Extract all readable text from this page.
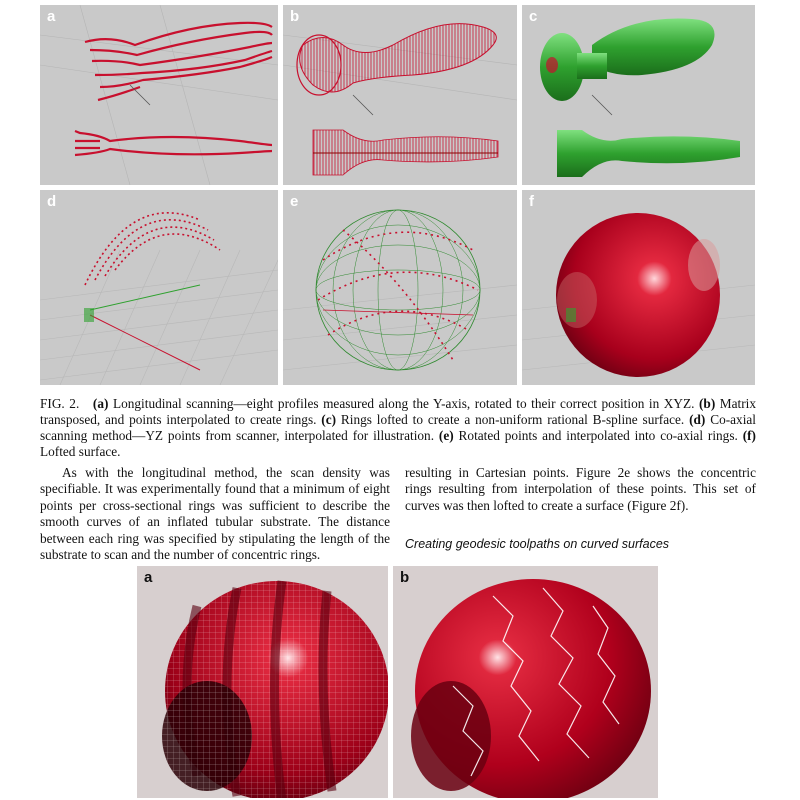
a	b	c
d	e	f
FIG. 2. (a) Longitudinal scanning—eight profiles measured along the Y-axis, rotated to their correct position in XYZ. (b) Matrix transposed, and points interpolated to create rings. (c) Rings lofted to create a non-uniform rational B-spline surface. (d) Co-axial scanning method—YZ points from scanner, interpolated for illustration. (e) Rotated points and interpolated into co-axial rings. (f) Lofted surface.
As with the longitudinal method, the scan density was specifiable. It was experimentally found that a minimum of eight points per cross-sectional rings was sufficient to describe the smooth curves of an inflated tubular substrate. The distance between each ring was specified by stipulating the length of the substrate to scan and the number of concentric rings.
resulting in Cartesian points. Figure 2e shows the concentric rings resulting from interpolation of these points. This set of curves was then lofted to create a surface (Figure 2f).
Creating geodesic toolpaths on curved surfaces
a	b
